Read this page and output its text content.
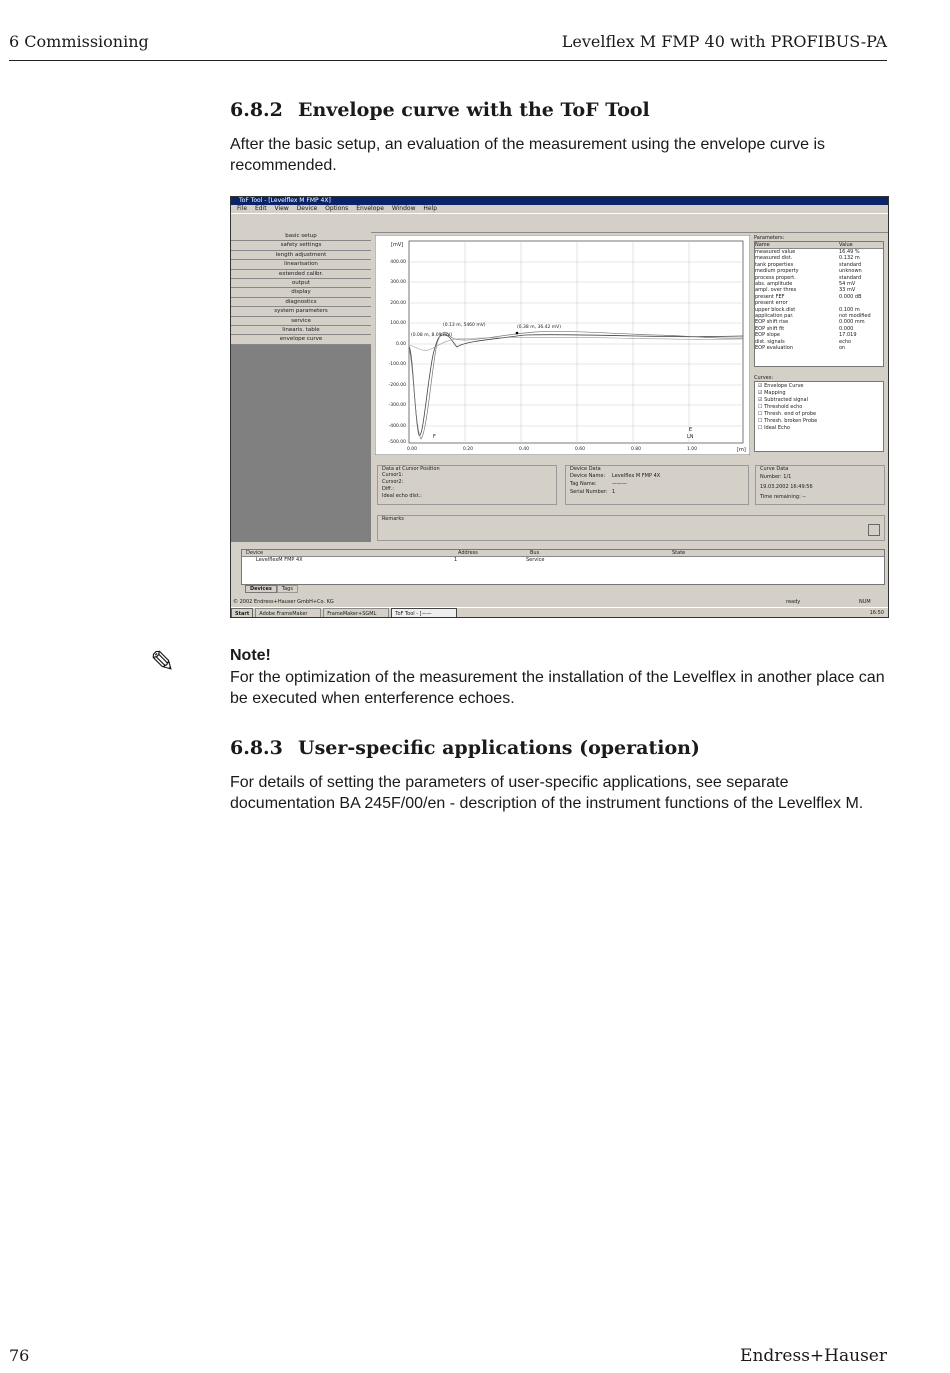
6 Commissioning	Levelflex M FMP 40 with PROFIBUS-PA
6.8.2 Envelope curve with the ToF Tool

After the basic setup, an evaluation of the measurement using the envelope curve is recommended.

ToF Tool - [Levelflex M FMP 4X]
File Edit View Device Options Envelope Window Help
basic setup
safety settings
length adjustment
linearisation
extended calibr.
output
display
diagnostics
system parameters
service
linearis. table
envelope curve
[mV]
[m]
400.00
300.00
200.00
100.00
0.00
-100.00
-200.00
-300.00
-400.00
-500.00
0.00	0.20	0.40	0.60	0.80	1.00
(0.08 m, 8.09 mV)
(0.13 m, 5460 mV)	(0.38 m, 36.42 mV)
F
E
LN
Parameters:
Name	Value
measured value	16.49 %
measured dist.	0.132 m
tank properties	standard
medium property	unknown
process propert.	standard
abs. amplitude	54 mV
ampl. over thres	33 mV
present FEF	0.000 dB
present error
upper block.dist	0.100 m
application par.	not modified
EOP shift rise	0.000 mm
EOP shift fit	0.000
EOP slope	17.019
dist. signals	echo
EOP evaluation	on
Curves:
☑ Envelope Curve
☑ Mapping
☑ Subtracted signal
☐ Threshold echo
☐ Thresh. end of probe
☐ Thresh. broken Probe
☐ Ideal Echo
Data at Cursor Position
Cursor1:
Cursor2:
Diff.:
Ideal echo dist.:
Device Data
Device Name: Levelflex M FMP 4X
Tag Name:	———
Serial Number: 1
Curve Data
Number: 1/1
19.03.2002 16:49:56
Time remaining: --
Remarks
Device	Address	Bus	State
LevelflexM FMP 4X	1	Service
Devices	Tags
© 2002 Endress+Hauser GmbH+Co. KG	ready	NUM
Start	Adobe FrameMaker	FrameMaker+SGML	ToF Tool - [——	16:50
✎	Note!

For the optimization of the measurement the installation of the Levelflex in another place can be executed when enterference echoes.

6.8.3 User-specific applications (operation)

For details of setting the parameters of user-specific applications, see separate documentation BA 245F/00/en - description of the instrument functions of the Levelflex M.

76	Endress+Hauser
